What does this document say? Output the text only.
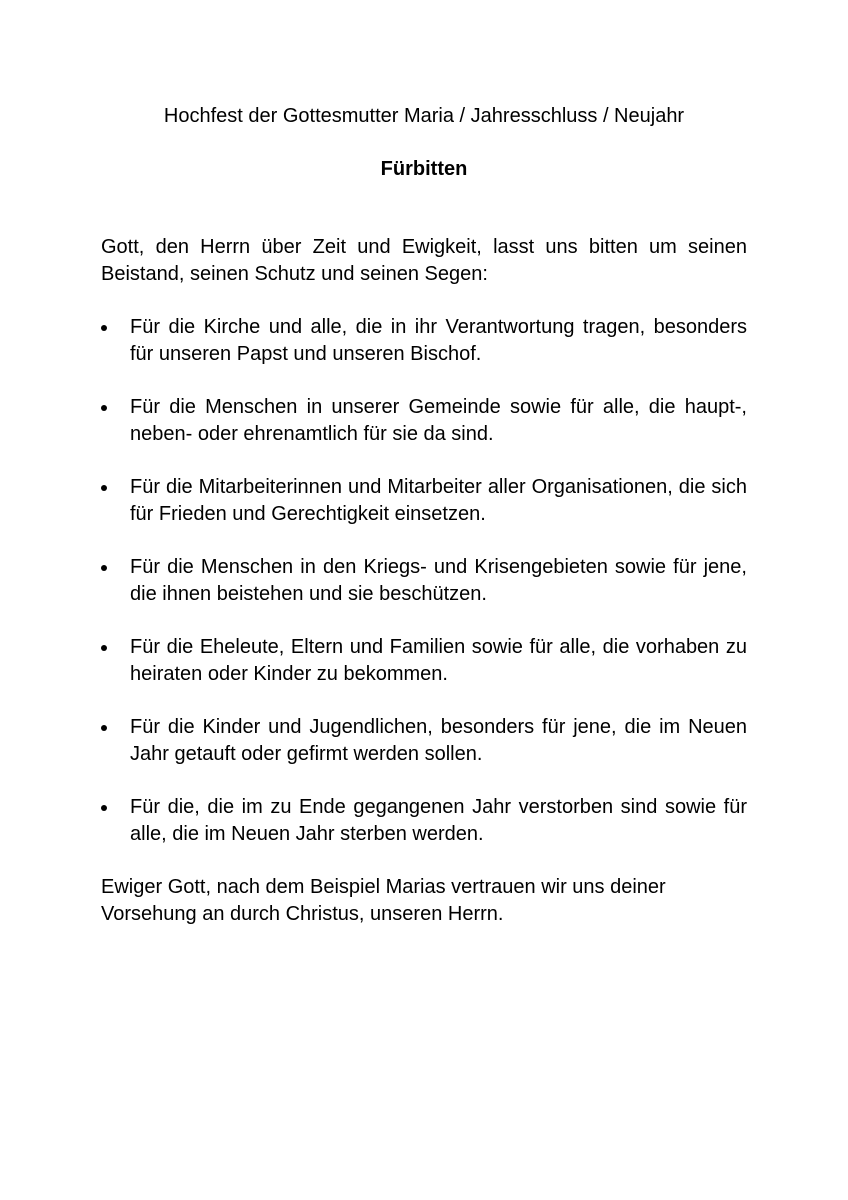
Hochfest der Gottesmutter Maria / Jahresschluss / Neujahr
Fürbitten

Gott, den Herrn über Zeit und Ewigkeit, lasst uns bitten um seinen Beistand, seinen Schutz und seinen Segen:

Für die Kirche und alle, die in ihr Verantwortung tragen, besonders für unseren Papst und unseren Bischof.
Für die Menschen in unserer Gemeinde sowie für alle, die haupt-, neben- oder ehrenamtlich für sie da sind.
Für die Mitarbeiterinnen und Mitarbeiter aller Organisationen, die sich für Frieden und Gerechtigkeit einsetzen.
Für die Menschen in den Kriegs- und Krisengebieten sowie für jene, die ihnen beistehen und sie beschützen.
Für die Eheleute, Eltern und Familien sowie für alle, die vorhaben zu heiraten oder Kinder zu bekommen.
Für die Kinder und Jugendlichen, besonders für jene, die im Neuen Jahr getauft oder gefirmt werden sollen.
Für die, die im zu Ende gegangenen Jahr verstorben sind sowie für alle, die im Neuen Jahr sterben werden.

Ewiger Gott, nach dem Beispiel Marias vertrauen wir uns deiner Vorsehung an durch Christus, unseren Herrn.
